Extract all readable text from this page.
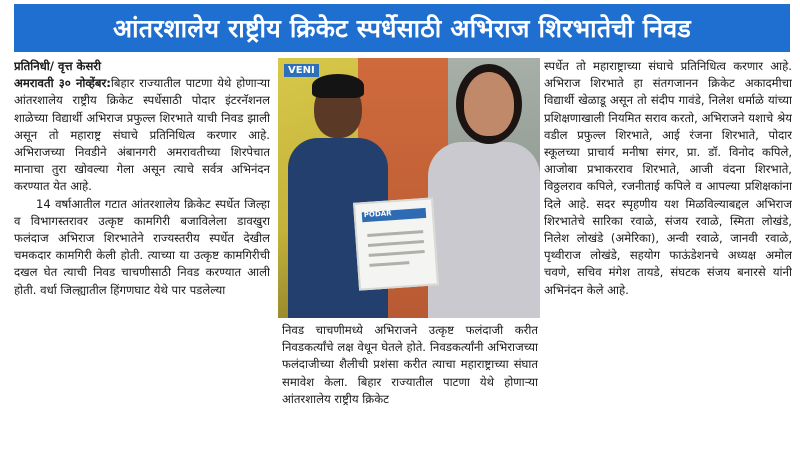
आंतरशालेय राष्ट्रीय क्रिकेट स्पर्धेसाठी अभिराज शिरभातेची निवड

प्रतिनिधी/ वृत्त केसरी

अमरावती ३० नोव्हेंबर:बिहार राज्यातील पाटणा येथे होणाऱ्या आंतरशालेय राष्ट्रीय क्रिकेट स्पर्धेसाठी पोदार इंटरनॅशनल शाळेच्या विद्यार्थी अभिराज प्रफुल्ल शिरभाते याची निवड झाली असून तो महाराष्ट्र संघाचे प्रतिनिधित्व करणार आहे. अभिराजच्या निवडीने अंबानगरी अमरावतीच्या शिरपेचात मानाचा तुरा खोवल्या गेला असून त्याचे सर्वत्र अभिनंदन करण्यात येत आहे.

14 वर्षाआतील गटात आंतरशालेय क्रिकेट स्पर्धेत जिल्हा व विभागस्तरावर उत्कृष्ट कामगिरी बजाविलेला डावखुरा फलंदाज अभिराज शिरभातेने राज्यस्तरीय स्पर्धेत देखील चमकदार कामगिरी केली होती. त्याच्या या उत्कृष्ट कामगिरीची दखल घेत त्याची निवड चाचणीसाठी निवड करण्यात आली होती. वर्धा जिल्ह्यातील हिंगणघाट येथे पार पडलेल्या

VENI
PODAR

निवड चाचणीमध्ये अभिराजने उत्कृष्ट फलंदाजी करीत निवडकर्त्यांचे लक्ष वेधून घेतले होते. निवडकर्त्यांनी अभिराजच्या फलंदाजीच्या शैलीची प्रशंसा करीत त्याचा महाराष्ट्राच्या संघात समावेश केला. बिहार राज्यातील पाटणा येथे होणाऱ्या आंतरशालेय राष्ट्रीय क्रिकेट

स्पर्धेत तो महाराष्ट्राच्या संघाचे प्रतिनिधित्व करणार आहे. अभिराज शिरभाते हा संतगजानन क्रिकेट अकादमीचा विद्यार्थी खेळाडू असून तो संदीप गावंडे, निलेश धर्माळे यांच्या प्रशिक्षणाखाली नियमित सराव करतो, अभिराजने यशाचे श्रेय वडील प्रफुल्ल शिरभाते, आई रंजना शिरभाते, पोदार स्कूलच्या प्राचार्य मनीषा संगर, प्रा. डॉ. विनोद कपिले, आजोबा प्रभाकरराव शिरभाते, आजी वंदना शिरभाते, विठ्ठलराव कपिले, रजनीताई कपिले व आपल्या प्रशिक्षकांना दिले आहे. सदर स्पृहणीय यश मिळविल्याबद्दल अभिराज शिरभातेचे सारिका रवाळे, संजय रवाळे, स्मिता लोखंडे, निलेश लोखंडे (अमेरिका), अन्वी रवाळे, जानवी रवाळे, पृथ्वीराज लोखंडे, सहयोग फाऊंडेशनचे अध्यक्ष अमोल चवणे, सचिव मंगेश तायडे, संघटक संजय बनारसे यांनी अभिनंदन केले आहे.
